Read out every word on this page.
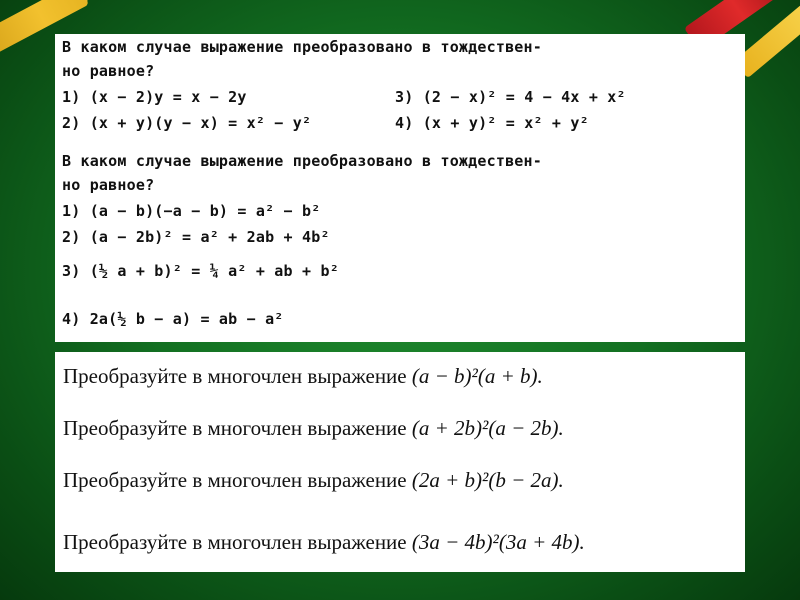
В каком случае выражение преобразовано в тождествен-
но равное?
1) (x − 2)y = x − 2y	3) (2 − x)² = 4 − 4x + x²
2) (x + y)(y − x) = x² − y²	4) (x + y)² = x² + y²
В каком случае выражение преобразовано в тождествен-
но равное?
1) (a − b)(−a − b) = a² − b²
2) (a − 2b)² = a² + 2ab + 4b²
3) (½ a + b)² = ¼ a² + ab + b²
4) 2a(½ b − a) = ab − a²
Преобразуйте в многочлен выражение (a − b)²(a + b).
Преобразуйте в многочлен выражение (a + 2b)²(a − 2b).
Преобразуйте в многочлен выражение (2a + b)²(b − 2a).
Преобразуйте в многочлен выражение (3a − 4b)²(3a + 4b).
